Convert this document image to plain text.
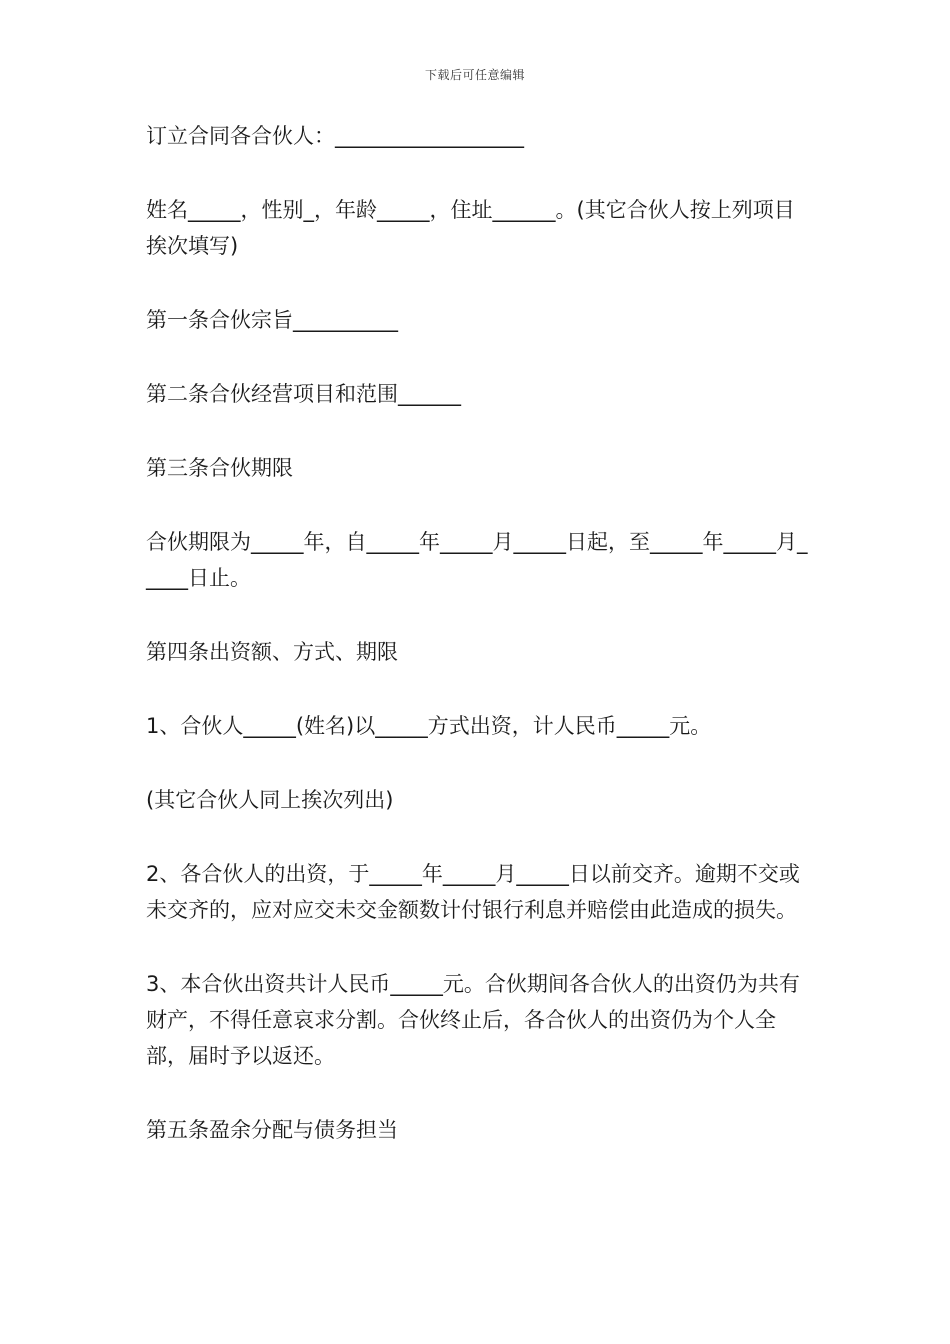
下载后可任意编辑

订立合同各合伙人：__________________

姓名_____，性别_，年龄_____，住址______。(其它合伙人按上列项目挨次填写)

第一条合伙宗旨__________

第二条合伙经营项目和范围______

第三条合伙期限

合伙期限为_____年，自_____年_____月_____日起，至_____年_____月_____日止。

第四条出资额、方式、期限

1、合伙人_____(姓名)以_____方式出资，计人民币_____元。

(其它合伙人同上挨次列出)

2、各合伙人的出资，于_____年_____月_____日以前交齐。逾期不交或未交齐的，应对应交未交金额数计付银行利息并赔偿由此造成的损失。

3、本合伙出资共计人民币_____元。合伙期间各合伙人的出资仍为共有财产，不得任意哀求分割。合伙终止后，各合伙人的出资仍为个人全部，届时予以返还。

第五条盈余分配与债务担当
